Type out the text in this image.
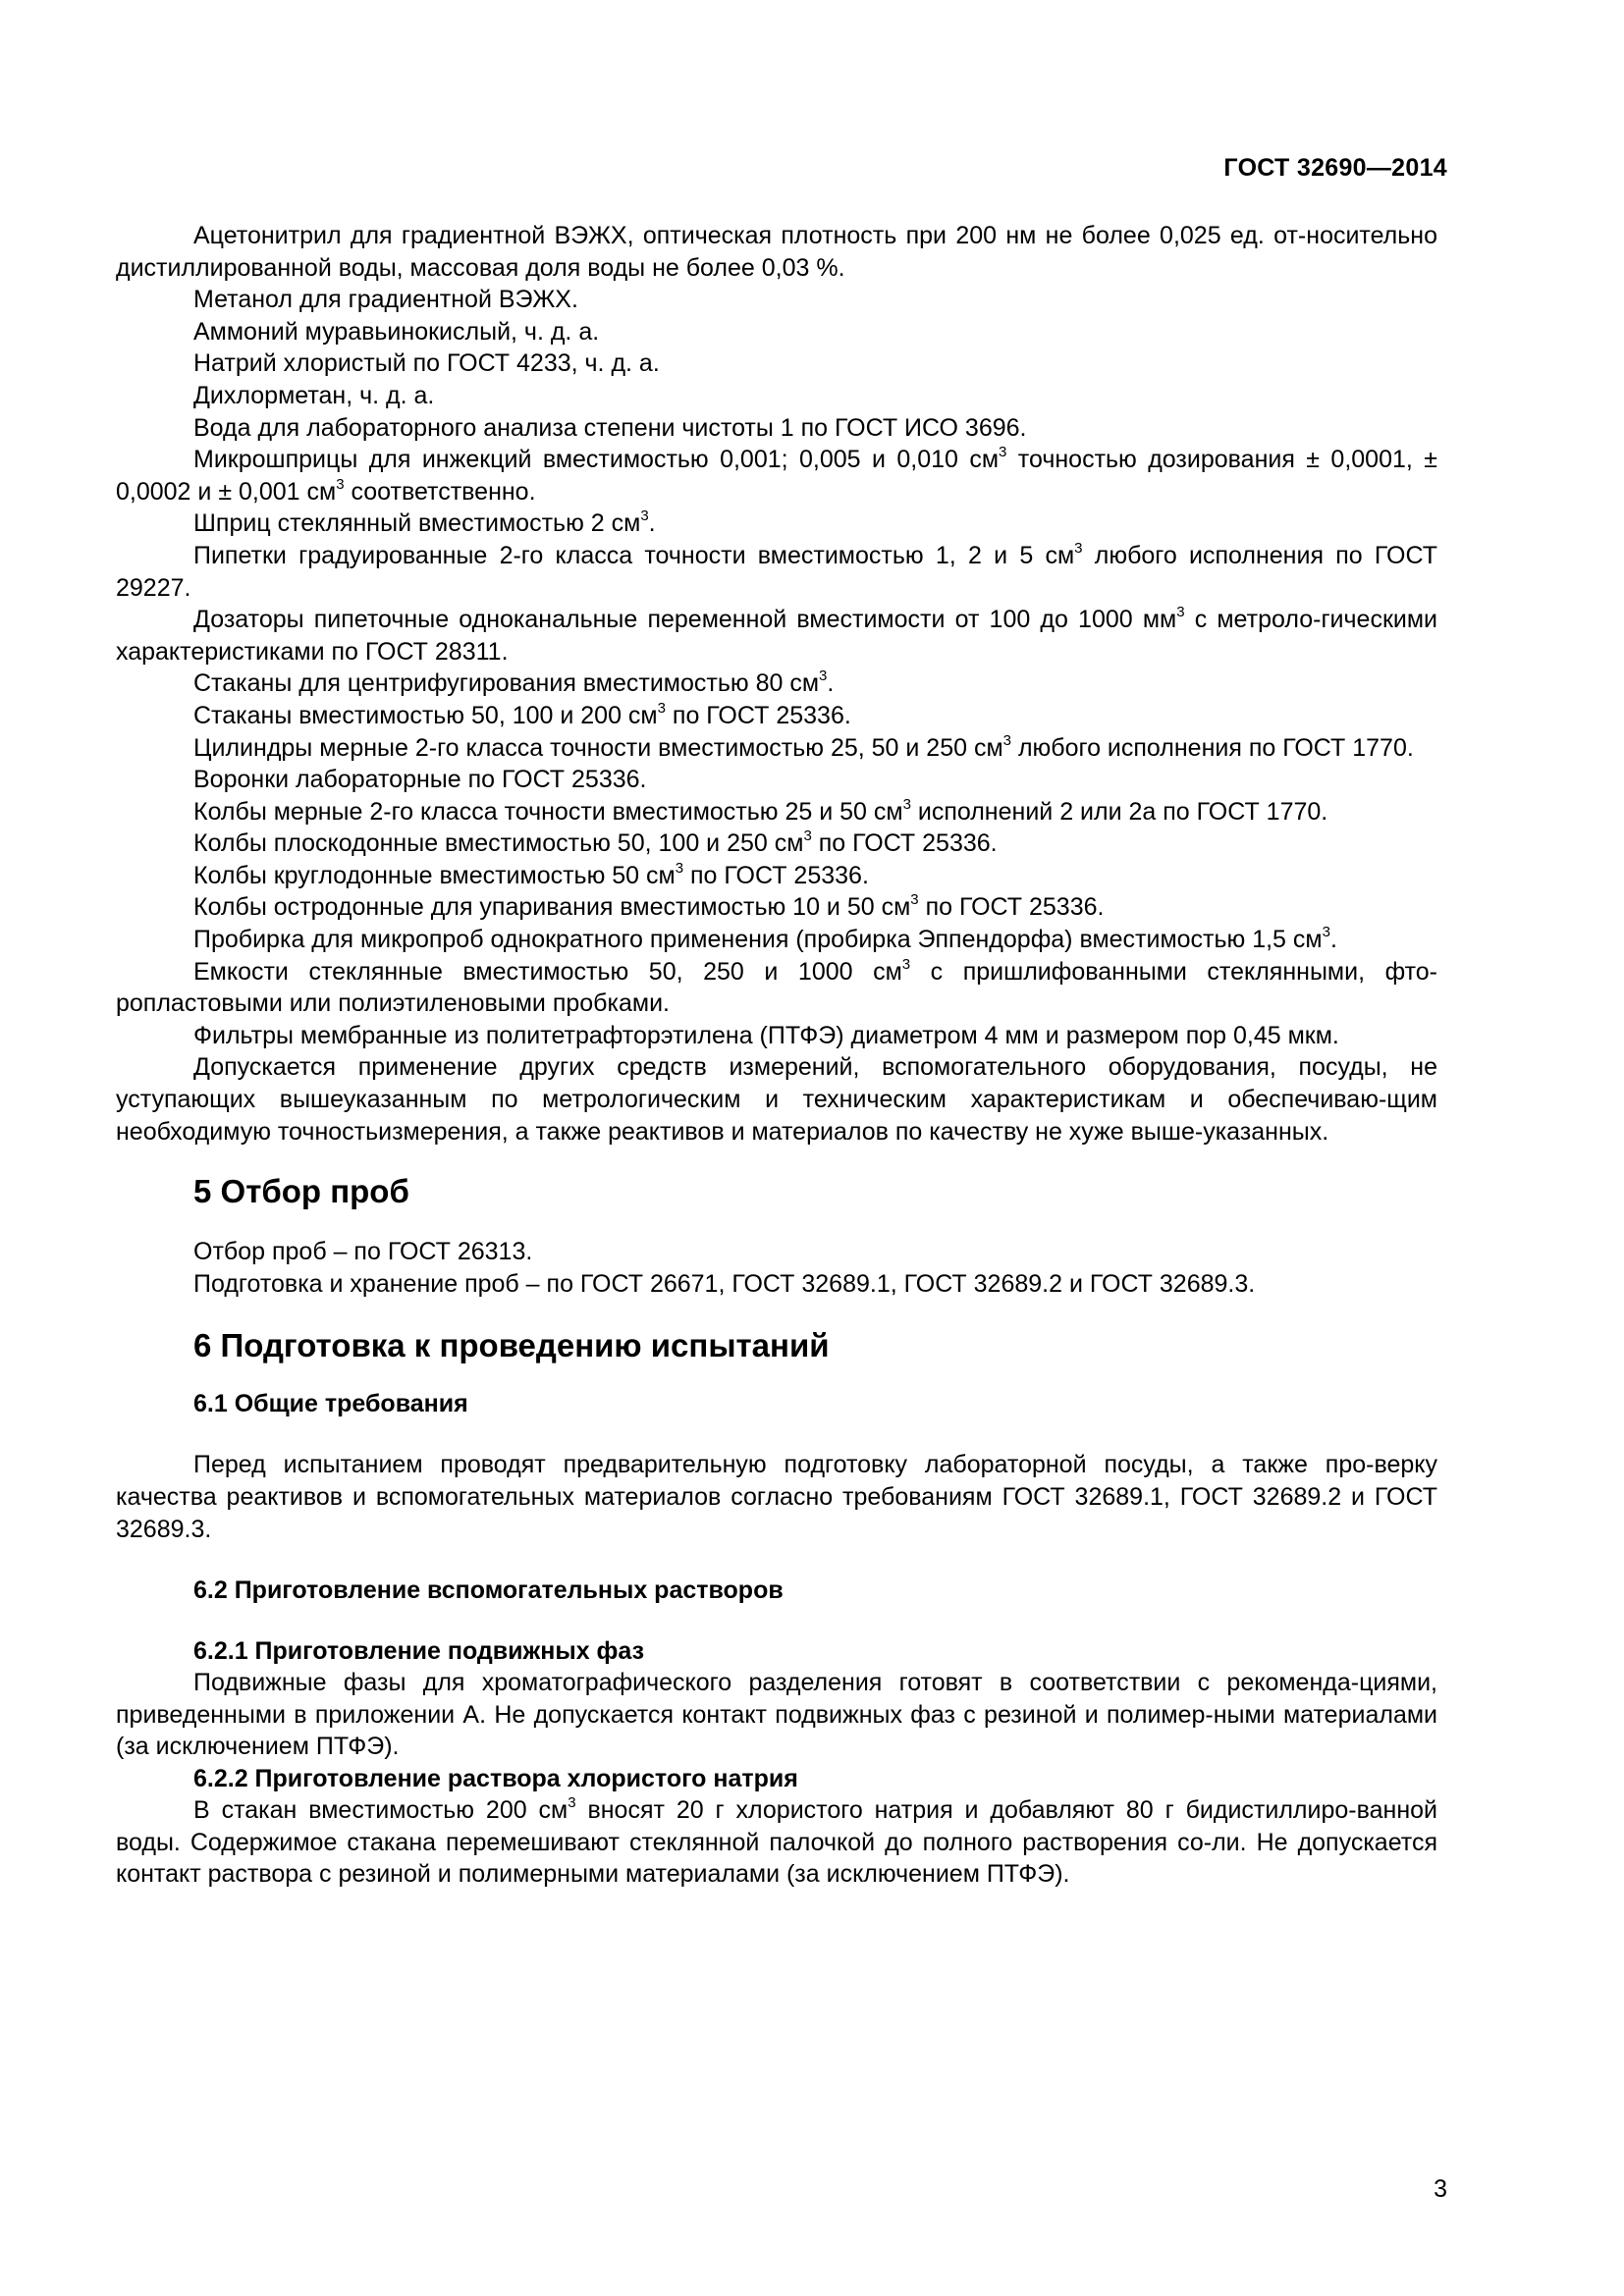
ГОСТ 32690—2014

Ацетонитрил для градиентной ВЭЖХ, оптическая плотность при 200 нм не более 0,025 ед. от-носительно дистиллированной воды, массовая доля воды не более 0,03 %.

Метанол для градиентной ВЭЖХ.

Аммоний муравьинокислый, ч. д. а.

Натрий хлористый по ГОСТ 4233, ч. д. а.

Дихлорметан, ч. д. а.

Вода для лабораторного анализа степени чистоты 1 по ГОСТ ИСО 3696.

Микрошприцы для инжекций вместимостью 0,001; 0,005 и 0,010 $см^3$ точностью дозирования ± 0,0001, ± 0,0002 и ± 0,001 $см^3$ соответственно.

Шприц стеклянный вместимостью 2 $см^3$.

Пипетки градуированные 2-го класса точности вместимостью 1, 2 и 5 $см^3$ любого исполнения по ГОСТ 29227.

Дозаторы пипеточные одноканальные переменной вместимости от 100 до 1000 $мм^3$ с метроло-гическими характеристиками по ГОСТ 28311.

Стаканы для центрифугирования вместимостью 80 $см^3$.

Стаканы вместимостью 50, 100 и 200 $см^3$ по ГОСТ 25336.

Цилиндры мерные 2-го класса точности вместимостью 25, 50 и 250 $см^3$ любого исполнения по ГОСТ 1770.

Воронки лабораторные по ГОСТ 25336.

Колбы мерные 2-го класса точности вместимостью 25 и 50 $см^3$ исполнений 2 или 2а по ГОСТ 1770.

Колбы плоскодонные вместимостью 50, 100 и 250 $см^3$ по ГОСТ 25336.

Колбы круглодонные вместимостью 50 $см^3$ по ГОСТ 25336.

Колбы остродонные для упаривания вместимостью 10 и 50 $см^3$ по ГОСТ 25336.

Пробирка для микропроб однократного применения (пробирка Эппендорфа) вместимостью 1,5 $см^3$.

Емкости стеклянные вместимостью 50, 250 и 1000 $см^3$ с пришлифованными стеклянными, фто-ропластовыми или полиэтиленовыми пробками.

Фильтры мембранные из политетрафторэтилена (ПТФЭ) диаметром 4 мм и размером пор 0,45 мкм.

Допускается применение других средств измерений, вспомогательного оборудования, посуды, не уступающих вышеуказанным по метрологическим и техническим характеристикам и обеспечиваю-щим необходимую точностьизмерения, а также реактивов и материалов по качеству не хуже выше-указанных.

5 Отбор проб

Отбор проб – по ГОСТ 26313.

Подготовка и хранение проб – по ГОСТ 26671, ГОСТ 32689.1, ГОСТ 32689.2 и ГОСТ 32689.3.

6 Подготовка к проведению испытаний
6.1 Общие требования

Перед испытанием проводят предварительную подготовку лабораторной посуды, а также про-верку качества реактивов и вспомогательных материалов согласно требованиям ГОСТ 32689.1, ГОСТ 32689.2 и ГОСТ 32689.3.

6.2 Приготовление вспомогательных растворов
6.2.1 Приготовление подвижных фаз

Подвижные фазы для хроматографического разделения готовят в соответствии с рекоменда-циями, приведенными в приложении А. Не допускается контакт подвижных фаз с резиной и полимер-ными материалами (за исключением ПТФЭ).

6.2.2 Приготовление раствора хлористого натрия

В стакан вместимостью 200 $см^3$ вносят 20 г хлористого натрия и добавляют 80 г бидистиллиро-ванной воды. Содержимое стакана перемешивают стеклянной палочкой до полного растворения со-ли. Не допускается контакт раствора с резиной и полимерными материалами (за исключением ПТФЭ).

3
